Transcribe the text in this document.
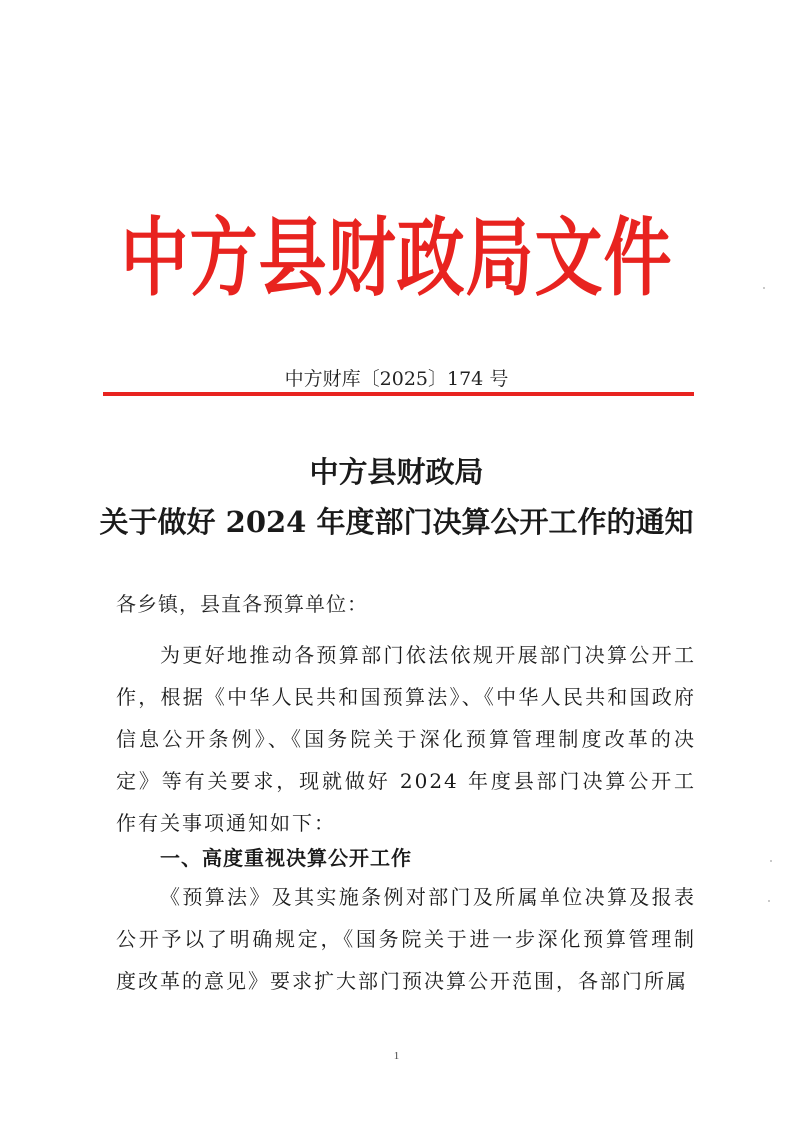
中方县财政局文件
中方财库〔2025〕174 号
中方县财政局
关于做好 2024 年度部门决算公开工作的通知
各乡镇，县直各预算单位：

为更好地推动各预算部门依法依规开展部门决算公开工作，根据《中华人民共和国预算法》、《中华人民共和国政府信息公开条例》、《国务院关于深化预算管理制度改革的决定》等有关要求，现就做好 2024 年度县部门决算公开工作有关事项通知如下：

一、高度重视决算公开工作

《预算法》及其实施条例对部门及所属单位决算及报表公开予以了明确规定，《国务院关于进一步深化预算管理制度改革的意见》要求扩大部门预决算公开范围，各部门所属

1
